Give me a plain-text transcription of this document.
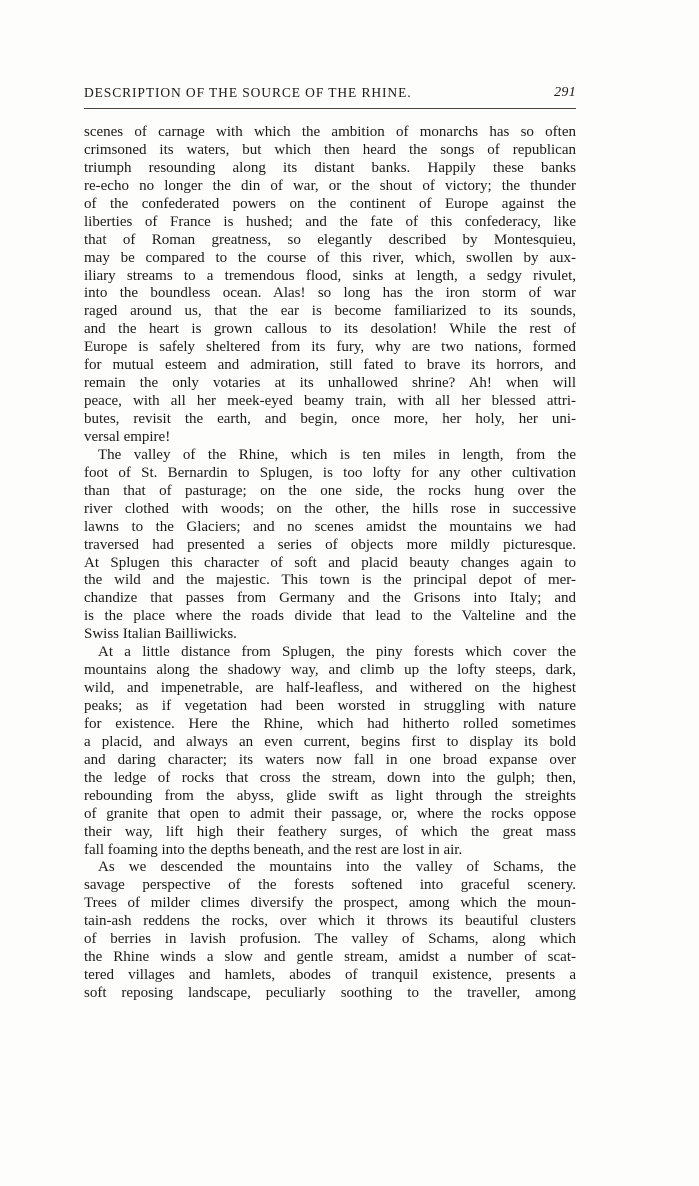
DESCRIPTION OF THE SOURCE OF THE RHINE.	291
scenes of carnage with which the ambition of monarchs has so often
crimsoned its waters, but which then heard the songs of republican
triumph resounding along its distant banks. Happily these banks
re-echo no longer the din of war, or the shout of victory; the thunder
of the confederated powers on the continent of Europe against the
liberties of France is hushed; and the fate of this confederacy, like
that of Roman greatness, so elegantly described by Montesquieu,
may be compared to the course of this river, which, swollen by aux-
iliary streams to a tremendous flood, sinks at length, a sedgy rivulet,
into the boundless ocean. Alas! so long has the iron storm of war
raged around us, that the ear is become familiarized to its sounds,
and the heart is grown callous to its desolation! While the rest of
Europe is safely sheltered from its fury, why are two nations, formed
for mutual esteem and admiration, still fated to brave its horrors, and
remain the only votaries at its unhallowed shrine? Ah! when will
peace, with all her meek-eyed beamy train, with all her blessed attri-
butes, revisit the earth, and begin, once more, her holy, her uni-
versal empire!
The valley of the Rhine, which is ten miles in length, from the
foot of St. Bernardin to Splugen, is too lofty for any other cultivation
than that of pasturage; on the one side, the rocks hung over the
river clothed with woods; on the other, the hills rose in successive
lawns to the Glaciers; and no scenes amidst the mountains we had
traversed had presented a series of objects more mildly picturesque.
At Splugen this character of soft and placid beauty changes again to
the wild and the majestic. This town is the principal depot of mer-
chandize that passes from Germany and the Grisons into Italy; and
is the place where the roads divide that lead to the Valteline and the
Swiss Italian Bailliwicks.
At a little distance from Splugen, the piny forests which cover the
mountains along the shadowy way, and climb up the lofty steeps, dark,
wild, and impenetrable, are half-leafless, and withered on the highest
peaks; as if vegetation had been worsted in struggling with nature
for existence. Here the Rhine, which had hitherto rolled sometimes
a placid, and always an even current, begins first to display its bold
and daring character; its waters now fall in one broad expanse over
the ledge of rocks that cross the stream, down into the gulph; then,
rebounding from the abyss, glide swift as light through the streights
of granite that open to admit their passage, or, where the rocks oppose
their way, lift high their feathery surges, of which the great mass
fall foaming into the depths beneath, and the rest are lost in air.
As we descended the mountains into the valley of Schams, the
savage perspective of the forests softened into graceful scenery.
Trees of milder climes diversify the prospect, among which the moun-
tain-ash reddens the rocks, over which it throws its beautiful clusters
of berries in lavish profusion. The valley of Schams, along which
the Rhine winds a slow and gentle stream, amidst a number of scat-
tered villages and hamlets, abodes of tranquil existence, presents a
soft reposing landscape, peculiarly soothing to the traveller, among
